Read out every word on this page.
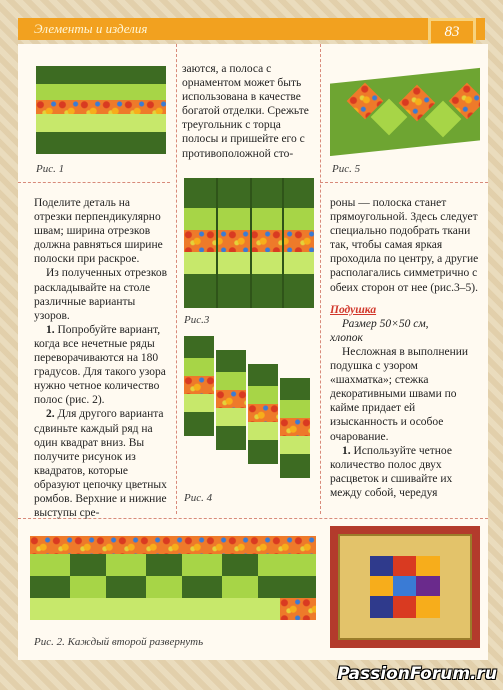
Элементы и изделия	83
Рис. 1

заются, а полоса с орнаментом может быть использована в качестве богатой отделки. Срежьте треугольник с торца полосы и пришейте его с противоположной сто-

Рис. 5

Поделите деталь на отрезки перпендикулярно швам; ширина отрезков должна равняться ширине полоски при раскрое.

Из полученных отрезков раскладывайте на столе различные варианты узоров.

1. Попробуйте вариант, когда все нечетные ряды переворачиваются на 180 градусов. Для такого узора нужно четное количество полос (рис. 2).

2. Для другого варианта сдвиньте каждый ряд на один квадрат вниз. Вы получите рисунок из квадратов, которые образуют цепочку цветных ромбов. Верхние и нижние выступы сре-

Рис.3
Рис. 4

роны — полоска станет прямоугольной. Здесь следует специально подобрать ткани так, чтобы самая яркая проходила по центру, а другие располагались симметрично с обеих сторон от нее (рис.3–5).

Подушка

Размер 50×50 см,

хлопок

Несложная в выполнении подушка с узором «шахматка»; стежка декоративными швами по кайме придает ей изысканность и особое очарование.

1. Используйте четное количество полос двух расцветок и сшивайте их между собой, чередуя

Рис. 2. Каждый второй развернуть
PassionForum.ru
